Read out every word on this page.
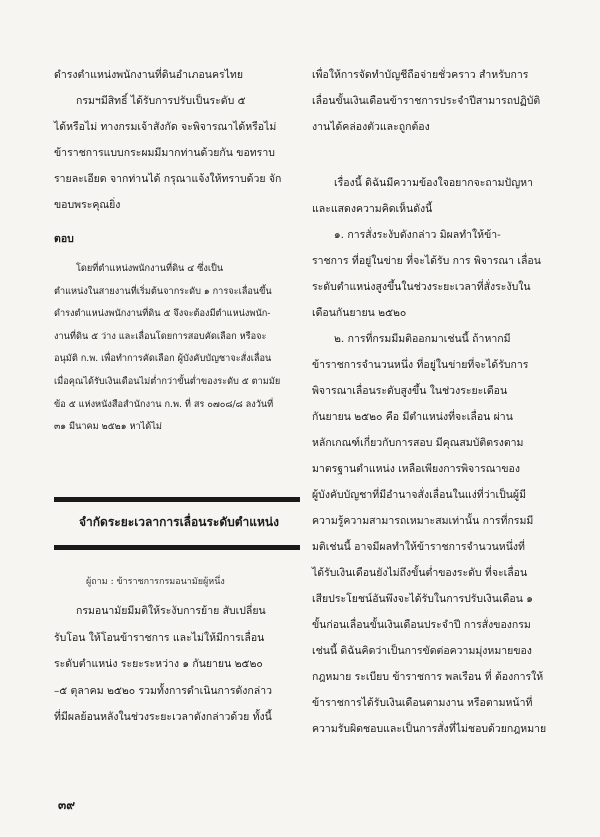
ดำรงตำแหน่งพนักงานที่ดินอำเภอนครไทย

กรมฯมีสิทธิ์ ได้รับการปรับเป็นระดับ ๕

ได้หรือไม่ ทางกรมเจ้าสังกัด จะพิจารณาได้หรือไม่

ข้าราชการแบบกระผมมีมากท่านด้วยกัน ขอทราบ

รายละเอียด จากท่านได้ กรุณาแจ้งให้ทราบด้วย จัก

ขอบพระคุณยิ่ง

ตอบ

โดยที่ตำแหน่งพนักงานที่ดิน ๔ ซึ่งเป็น

ตำแหน่งในสายงานที่เริ่มต้นจากระดับ ๑ การจะเลื่อนขึ้น

ดำรงตำแหน่งพนักงานที่ดิน ๕ จึงจะต้องมีตำแหน่งพนัก-

งานที่ดิน ๕ ว่าง และเลื่อนโดยการสอบคัดเลือก หรือจะ

อนุมัติ ก.พ. เพื่อทำการคัดเลือก ผู้บังคับบัญชาจะสั่งเลื่อน

เมื่อคุณได้รับเงินเดือนไม่ต่ำกว่าขั้นต่ำของระดับ ๕ ตามมัย

ข้อ ๕ แห่งหนังสือสำนักงาน ก.พ. ที่ สร ๐๗๐๘/๘ ลงวันที่

๓๑ มีนาคม ๒๕๒๑ หาได้ไม่

จำกัดระยะเวลาการเลื่อนระดับตำแหน่ง
ผู้ถาม : ข้าราชการกรมอนามัยผู้หนึ่ง

กรมอนามัยมีมติให้ระงับการย้าย สับเปลี่ยน

รับโอน ให้โอนข้าราชการ และไม่ให้มีการเลื่อน

ระดับตำแหน่ง ระยะระหว่าง ๑ กันยายน ๒๕๒๐

–๕ ตุลาคม ๒๕๒๐ รวมทั้งการดำเนินการดังกล่าว

ที่มีผลย้อนหลังในช่วงระยะเวลาดังกล่าวด้วย ทั้งนี้

เพื่อให้การจัดทำบัญชีถือจ่ายชั่วคราว สำหรับการ

เลื่อนขั้นเงินเดือนข้าราชการประจำปีสามารถปฏิบัติ

งานได้คล่องตัวและถูกต้อง

เรื่องนี้ ดิฉันมีความข้องใจอยากจะถามปัญหา

และแสดงความคิดเห็นดังนี้

๑. การสั่งระงับดังกล่าว มิผลทำให้ข้า-

ราชการ ที่อยู่ในข่าย ที่จะได้รับ การ พิจารณา เลื่อน

ระดับตำแหน่งสูงขึ้นในช่วงระยะเวลาที่สั่งระงับใน

เดือนกันยายน ๒๕๒๐

๒. การที่กรมมีมติออกมาเช่นนี้ ถ้าหากมี

ข้าราชการจำนวนหนึ่ง ที่อยู่ในข่ายที่จะได้รับการ

พิจารณาเลื่อนระดับสูงขึ้น ในช่วงระยะเดือน

กันยายน ๒๕๒๐ คือ มีตำแหน่งที่จะเลื่อน ผ่าน

หลักเกณฑ์เกี่ยวกับการสอบ มีคุณสมบัติตรงตาม

มาตรฐานตำแหน่ง เหลือเพียงการพิจารณาของ

ผู้บังคับบัญชาที่มีอำนาจสั่งเลื่อนในแง่ที่ว่าเป็นผู้มี

ความรู้ความสามารถเหมาะสมเท่านั้น การที่กรมมี

มติเช่นนี้ อาจมีผลทำให้ข้าราชการจำนวนหนึ่งที่

ได้รับเงินเดือนยังไม่ถึงขั้นต่ำของระดับ ที่จะเลื่อน

เสียประโยชน์อันพึงจะได้รับในการปรับเงินเดือน ๑

ขั้นก่อนเลื่อนขั้นเงินเดือนประจำปี การสั่งของกรม

เช่นนี้ ดิฉันคิดว่าเป็นการขัดต่อความมุ่งหมายของ

กฎหมาย ระเบียบ ข้าราชการ พลเรือน ที่ ต้องการให้

ข้าราชการได้รับเงินเดือนตามงาน หรือตามหน้าที่

ความรับผิดชอบและเป็นการสั่งที่ไม่ชอบด้วยกฎหมาย

๓๙
